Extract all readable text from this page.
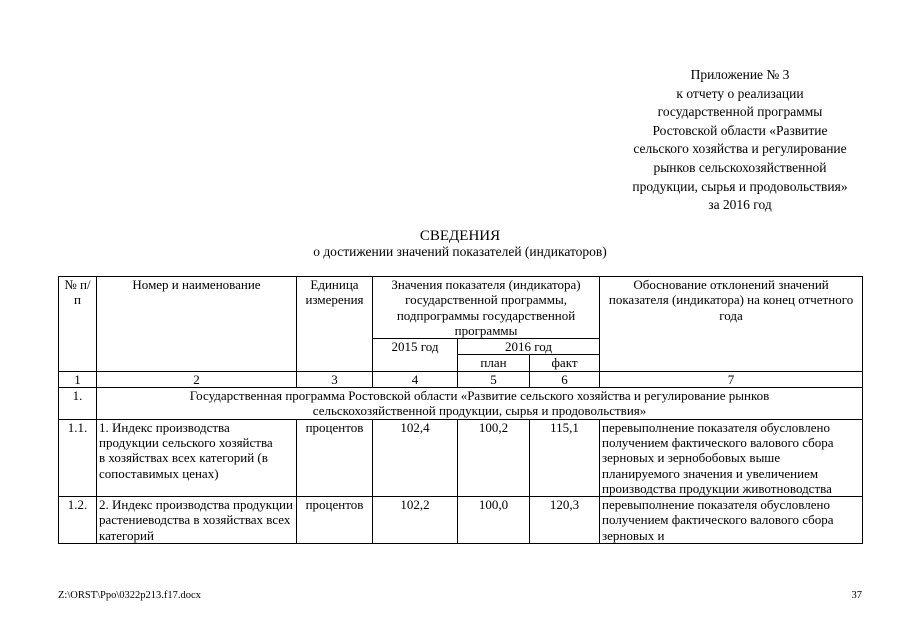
Приложение № 3
к отчету о реализации
государственной программы
Ростовской области «Развитие
сельского хозяйства и регулирование
рынков сельскохозяйственной
продукции, сырья и продовольствия»
за 2016 год
СВЕДЕНИЯ
о достижении значений показателей (индикаторов)
№ п/п	Номер и наименование	Единица измерения	Значения показателя (индикатора) государственной программы, подпрограммы государственной программы			Обоснование отклонений значений показателя (индикатора) на конец отчетного года
			2015 год	2016 год		
				план	факт	
1	2	3	4	5	6	7
1.	Государственная программа Ростовской области «Развитие сельского хозяйства и регулирование рынков сельскохозяйственной продукции, сырья и продовольствия»					
1.1.	1. Индекс производства продукции сельского хозяйства в хозяйствах всех категорий (в сопоставимых ценах)	процентов	102,4	100,2	115,1	перевыполнение показателя обусловлено получением фактического валового сбора зерновых и зернобобовых выше планируемого значения и увеличением производства продукции животноводства
1.2.	2. Индекс производства продукции растениеводства в хозяйствах всех категорий	процентов	102,2	100,0	120,3	перевыполнение показателя обусловлено получением фактического валового сбора зерновых и
Z:\ORST\Ppo\0322p213.f17.docx	37
